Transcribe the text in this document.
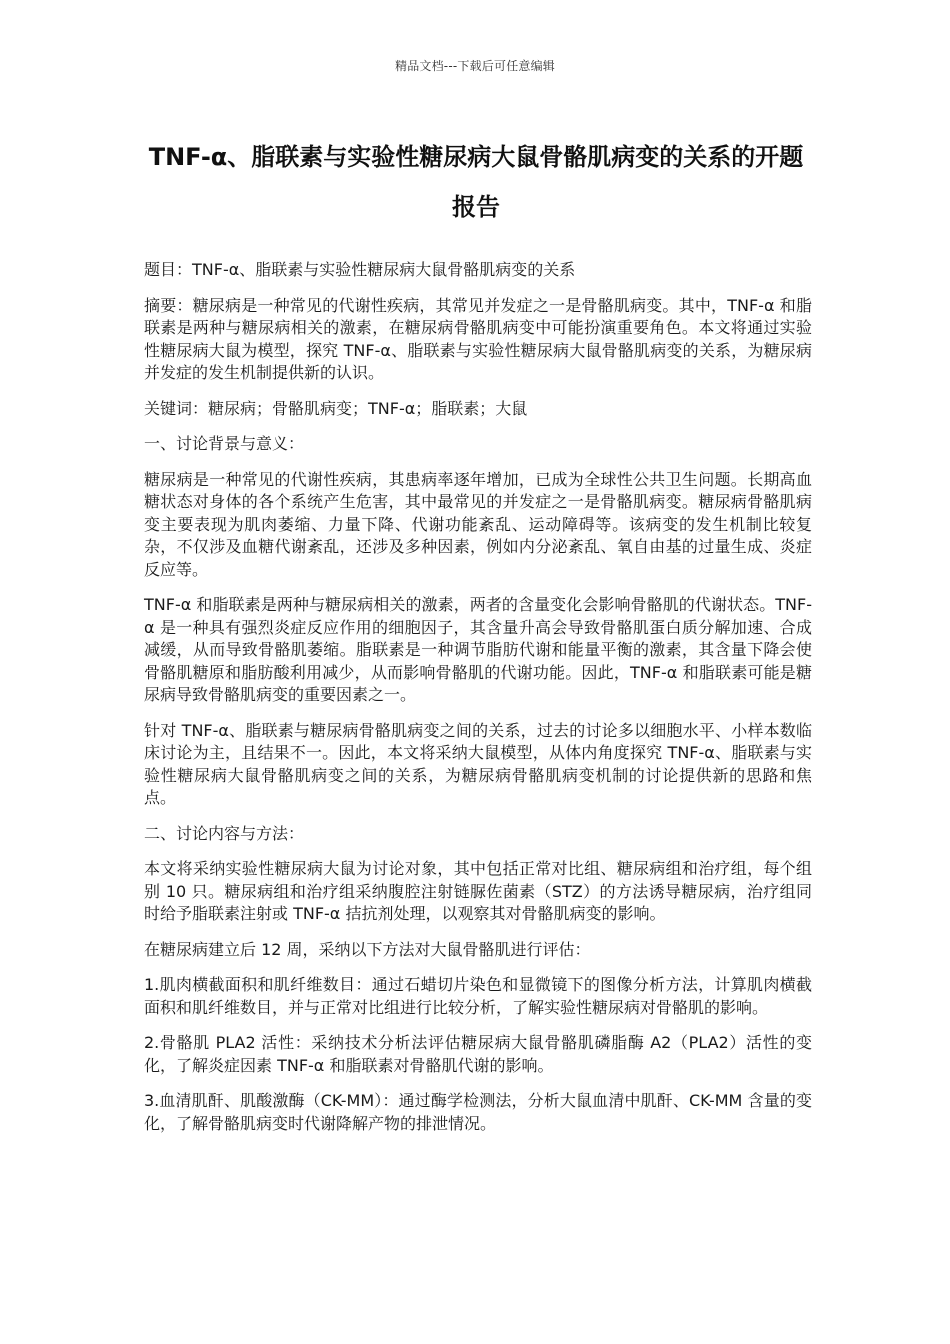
精品文档---下载后可任意编辑
TNF-α、脂联素与实验性糖尿病大鼠骨骼肌病变的关系的开题报告

题目：TNF-α、脂联素与实验性糖尿病大鼠骨骼肌病变的关系

摘要：糖尿病是一种常见的代谢性疾病，其常见并发症之一是骨骼肌病变。其中，TNF-α 和脂联素是两种与糖尿病相关的激素，在糖尿病骨骼肌病变中可能扮演重要角色。本文将通过实验性糖尿病大鼠为模型，探究 TNF-α、脂联素与实验性糖尿病大鼠骨骼肌病变的关系，为糖尿病并发症的发生机制提供新的认识。

关键词：糖尿病；骨骼肌病变；TNF-α；脂联素；大鼠

一、讨论背景与意义：

糖尿病是一种常见的代谢性疾病，其患病率逐年增加，已成为全球性公共卫生问题。长期高血糖状态对身体的各个系统产生危害，其中最常见的并发症之一是骨骼肌病变。糖尿病骨骼肌病变主要表现为肌肉萎缩、力量下降、代谢功能紊乱、运动障碍等。该病变的发生机制比较复杂，不仅涉及血糖代谢紊乱，还涉及多种因素，例如内分泌紊乱、氧自由基的过量生成、炎症反应等。

TNF-α 和脂联素是两种与糖尿病相关的激素，两者的含量变化会影响骨骼肌的代谢状态。TNF-α 是一种具有强烈炎症反应作用的细胞因子，其含量升高会导致骨骼肌蛋白质分解加速、合成减缓，从而导致骨骼肌萎缩。脂联素是一种调节脂肪代谢和能量平衡的激素，其含量下降会使骨骼肌糖原和脂肪酸利用减少，从而影响骨骼肌的代谢功能。因此，TNF-α 和脂联素可能是糖尿病导致骨骼肌病变的重要因素之一。

针对 TNF-α、脂联素与糖尿病骨骼肌病变之间的关系，过去的讨论多以细胞水平、小样本数临床讨论为主，且结果不一。因此，本文将采纳大鼠模型，从体内角度探究 TNF-α、脂联素与实验性糖尿病大鼠骨骼肌病变之间的关系，为糖尿病骨骼肌病变机制的讨论提供新的思路和焦点。

二、讨论内容与方法：

本文将采纳实验性糖尿病大鼠为讨论对象，其中包括正常对比组、糖尿病组和治疗组，每个组别 10 只。糖尿病组和治疗组采纳腹腔注射链脲佐菌素（STZ）的方法诱导糖尿病，治疗组同时给予脂联素注射或 TNF-α 拮抗剂处理，以观察其对骨骼肌病变的影响。

在糖尿病建立后 12 周，采纳以下方法对大鼠骨骼肌进行评估：

1.肌肉横截面积和肌纤维数目：通过石蜡切片染色和显微镜下的图像分析方法，计算肌肉横截面积和肌纤维数目，并与正常对比组进行比较分析，了解实验性糖尿病对骨骼肌的影响。

2.骨骼肌 PLA2 活性：采纳技术分析法评估糖尿病大鼠骨骼肌磷脂酶 A2（PLA2）活性的变化，了解炎症因素 TNF-α 和脂联素对骨骼肌代谢的影响。

3.血清肌酐、肌酸激酶（CK-MM）：通过酶学检测法，分析大鼠血清中肌酐、CK-MM 含量的变化，了解骨骼肌病变时代谢降解产物的排泄情况。
